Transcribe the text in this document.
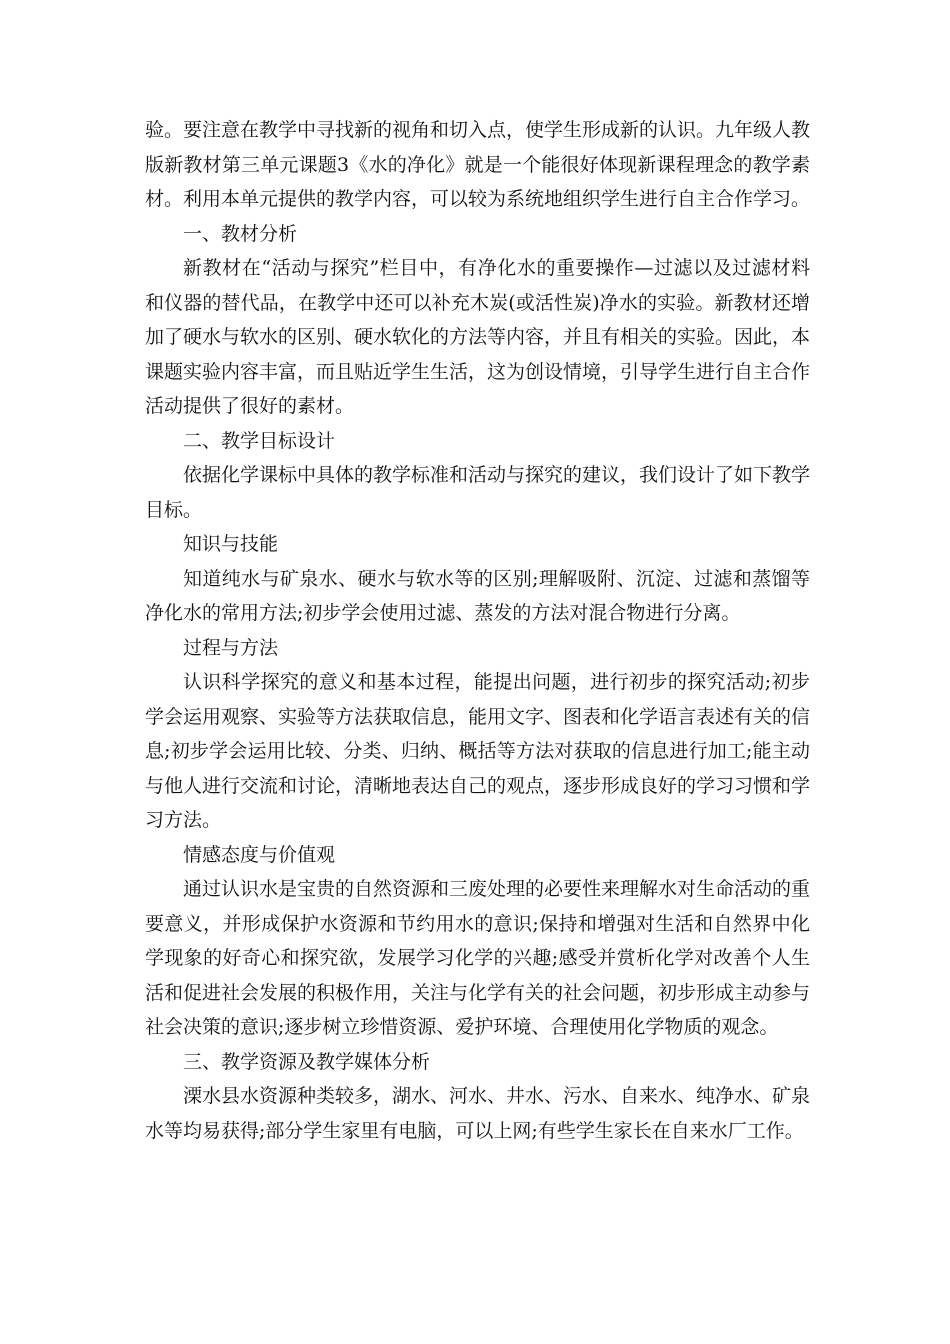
验。要注意在教学中寻找新的视角和切入点，使学生形成新的认识。九年级人教版新教材第三单元课题3《水的净化》就是一个能很好体现新课程理念的教学素材。利用本单元提供的教学内容，可以较为系统地组织学生进行自主合作学习。

一、教材分析

新教材在“活动与探究”栏目中，有净化水的重要操作—过滤以及过滤材料和仪器的替代品，在教学中还可以补充木炭(或活性炭)净水的实验。新教材还增加了硬水与软水的区别、硬水软化的方法等内容，并且有相关的实验。因此，本课题实验内容丰富，而且贴近学生生活，这为创设情境，引导学生进行自主合作活动提供了很好的素材。

二、教学目标设计

依据化学课标中具体的教学标准和活动与探究的建议，我们设计了如下教学目标。

知识与技能

知道纯水与矿泉水、硬水与软水等的区别;理解吸附、沉淀、过滤和蒸馏等净化水的常用方法;初步学会使用过滤、蒸发的方法对混合物进行分离。

过程与方法

认识科学探究的意义和基本过程，能提出问题，进行初步的探究活动;初步学会运用观察、实验等方法获取信息，能用文字、图表和化学语言表述有关的信息;初步学会运用比较、分类、归纳、概括等方法对获取的信息进行加工;能主动与他人进行交流和讨论，清晰地表达自己的观点，逐步形成良好的学习习惯和学习方法。

情感态度与价值观

通过认识水是宝贵的自然资源和三废处理的必要性来理解水对生命活动的重要意义，并形成保护水资源和节约用水的意识;保持和增强对生活和自然界中化学现象的好奇心和探究欲，发展学习化学的兴趣;感受并赏析化学对改善个人生活和促进社会发展的积极作用，关注与化学有关的社会问题，初步形成主动参与社会决策的意识;逐步树立珍惜资源、爱护环境、合理使用化学物质的观念。

三、教学资源及教学媒体分析

溧水县水资源种类较多，湖水、河水、井水、污水、自来水、纯净水、矿泉水等均易获得;部分学生家里有电脑，可以上网;有些学生家长在自来水厂工作。
